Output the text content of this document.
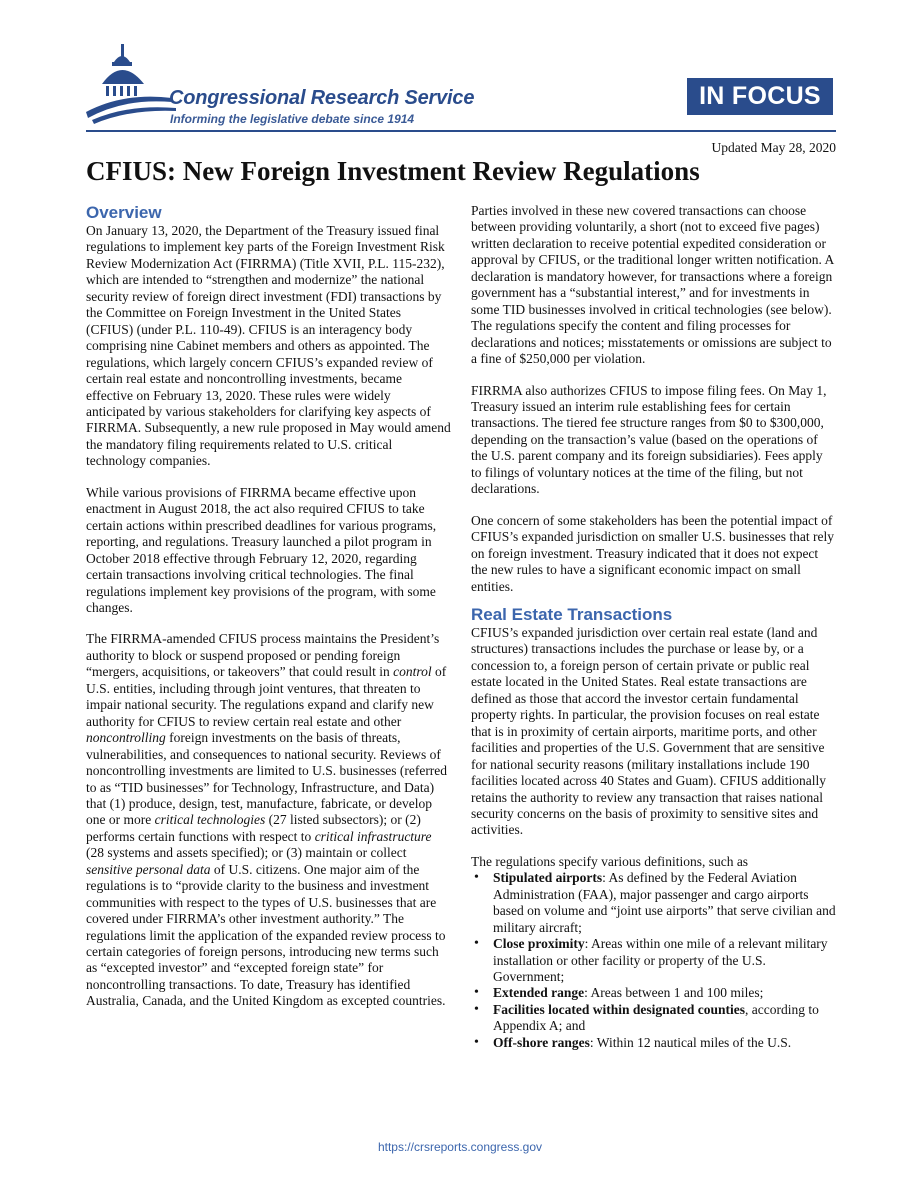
Congressional Research Service
Informing the legislative debate since 1914
IN FOCUS
Updated May 28, 2020
CFIUS: New Foreign Investment Review Regulations
Overview

On January 13, 2020, the Department of the Treasury issued final regulations to implement key parts of the Foreign Investment Risk Review Modernization Act (FIRRMA) (Title XVII, P.L. 115-232), which are intended to “strengthen and modernize” the national security review of foreign direct investment (FDI) transactions by the Committee on Foreign Investment in the United States (CFIUS) (under P.L. 110-49). CFIUS is an interagency body comprising nine Cabinet members and others as appointed. The regulations, which largely concern CFIUS’s expanded review of certain real estate and noncontrolling investments, became effective on February 13, 2020. These rules were widely anticipated by various stakeholders for clarifying key aspects of FIRRMA. Subsequently, a new rule proposed in May would amend the mandatory filing requirements related to U.S. critical technology companies.

While various provisions of FIRRMA became effective upon enactment in August 2018, the act also required CFIUS to take certain actions within prescribed deadlines for various programs, reporting, and regulations. Treasury launched a pilot program in October 2018 effective through February 12, 2020, regarding certain transactions involving critical technologies. The final regulations implement key provisions of the program, with some changes.

The FIRRMA-amended CFIUS process maintains the President’s authority to block or suspend proposed or pending foreign “mergers, acquisitions, or takeovers” that could result in control of U.S. entities, including through joint ventures, that threaten to impair national security. The regulations expand and clarify new authority for CFIUS to review certain real estate and other noncontrolling foreign investments on the basis of threats, vulnerabilities, and consequences to national security. Reviews of noncontrolling investments are limited to U.S. businesses (referred to as “TID businesses” for Technology, Infrastructure, and Data) that (1) produce, design, test, manufacture, fabricate, or develop one or more critical technologies (27 listed subsectors); or (2) performs certain functions with respect to critical infrastructure (28 systems and assets specified); or (3) maintain or collect sensitive personal data of U.S. citizens. One major aim of the regulations is to “provide clarity to the business and investment communities with respect to the types of U.S. businesses that are covered under FIRRMA’s other investment authority.” The regulations limit the application of the expanded review process to certain categories of foreign persons, introducing new terms such as “excepted investor” and “excepted foreign state” for noncontrolling transactions. To date, Treasury has identified Australia, Canada, and the United Kingdom as excepted countries.

Parties involved in these new covered transactions can choose between providing voluntarily, a short (not to exceed five pages) written declaration to receive potential expedited consideration or approval by CFIUS, or the traditional longer written notification. A declaration is mandatory however, for transactions where a foreign government has a “substantial interest,” and for investments in some TID businesses involved in critical technologies (see below). The regulations specify the content and filing processes for declarations and notices; misstatements or omissions are subject to a fine of $250,000 per violation.

FIRRMA also authorizes CFIUS to impose filing fees. On May 1, Treasury issued an interim rule establishing fees for certain transactions. The tiered fee structure ranges from $0 to $300,000, depending on the transaction’s value (based on the operations of the U.S. parent company and its foreign subsidiaries). Fees apply to filings of voluntary notices at the time of the filing, but not declarations.

One concern of some stakeholders has been the potential impact of CFIUS’s expanded jurisdiction on smaller U.S. businesses that rely on foreign investment. Treasury indicated that it does not expect the new rules to have a significant economic impact on small entities.

Real Estate Transactions

CFIUS’s expanded jurisdiction over certain real estate (land and structures) transactions includes the purchase or lease by, or a concession to, a foreign person of certain private or public real estate located in the United States. Real estate transactions are defined as those that accord the investor certain fundamental property rights. In particular, the provision focuses on real estate that is in proximity of certain airports, maritime ports, and other facilities and properties of the U.S. Government that are sensitive for national security reasons (military installations include 190 facilities located across 40 States and Guam). CFIUS additionally retains the authority to review any transaction that raises national security concerns on the basis of proximity to sensitive sites and activities.

The regulations specify various definitions, such as

• Stipulated airports: As defined by the Federal Aviation Administration (FAA), major passenger and cargo airports based on volume and “joint use airports” that serve civilian and military aircraft;
• Close proximity: Areas within one mile of a relevant military installation or other facility or property of the U.S. Government;
• Extended range: Areas between 1 and 100 miles;
• Facilities located within designated counties, according to Appendix A; and
• Off-shore ranges: Within 12 nautical miles of the U.S.
https://crsreports.congress.gov
